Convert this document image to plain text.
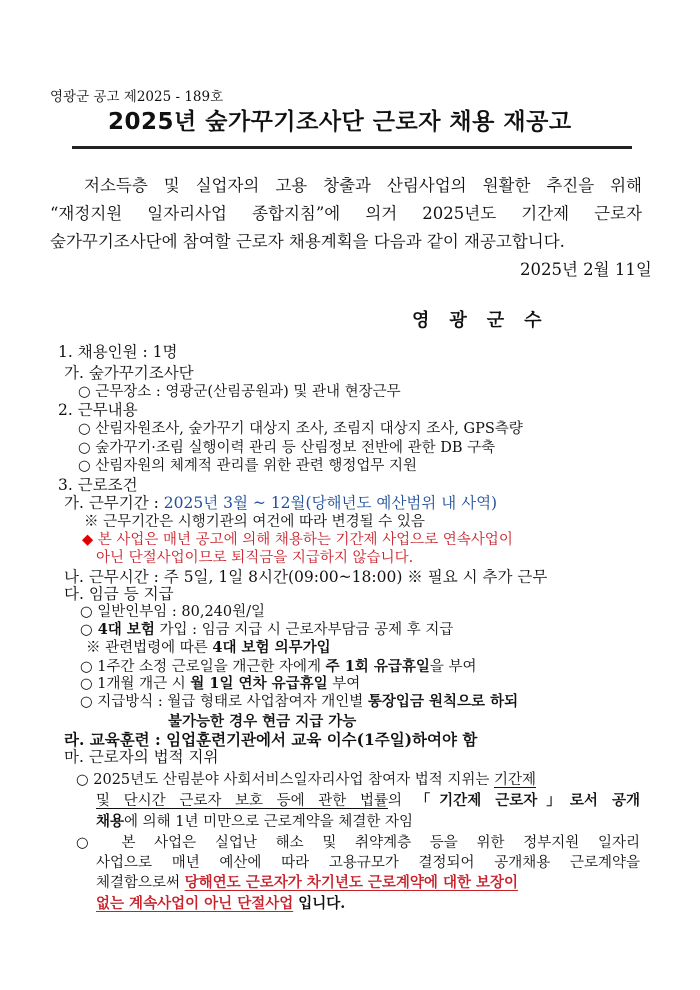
영광군 공고 제2025 - 189호
2025년 숲가꾸기조사단 근로자 채용 재공고
저소득층 및 실업자의 고용 창출과 산림사업의 원활한 추진을 위해
“재정지원 일자리사업 종합지침”에 의거 2025년도 기간제 근로자
숲가꾸기조사단에 참여할 근로자 채용계획을 다음과 같이 재공고합니다.
2025년 2월 11일
영광군수
1. 채용인원 : 1명
가. 숲가꾸기조사단
○ 근무장소 : 영광군(산림공원과) 및 관내 현장근무
2. 근무내용
○ 산림자원조사, 숲가꾸기 대상지 조사, 조림지 대상지 조사, GPS측량
○ 숲가꾸기·조림 실행이력 관리 등 산림정보 전반에 관한 DB 구축
○ 산림자원의 체계적 관리를 위한 관련 행정업무 지원
3. 근로조건
가. 근무기간 : 2025년 3월 ~ 12월(당해년도 예산범위 내 사역)
※ 근무기간은 시행기관의 여건에 따라 변경될 수 있음
◆ 본 사업은 매년 공고에 의해 채용하는 기간제 사업으로 연속사업이
아닌 단절사업이므로 퇴직금을 지급하지 않습니다.
나. 근무시간 : 주 5일, 1일 8시간(09:00~18:00) ※ 필요 시 추가 근무
다. 임금 등 지급
○ 일반인부임 : 80,240원/일
○ 4대 보험 가입 : 임금 지급 시 근로자부담금 공제 후 지급
※ 관련법령에 따른 4대 보험 의무가입
○ 1주간 소정 근로일을 개근한 자에게 주 1회 유급휴일을 부여
○ 1개월 개근 시 월 1일 연차 유급휴일 부여
○ 지급방식 : 월급 형태로 사업참여자 개인별 통장입금 원칙으로 하되
불가능한 경우 현금 지급 가능
라. 교육훈련 : 임업훈련기관에서 교육 이수(1주일)하여야 함
마. 근로자의 법적 지위
○ 2025년도 산림분야 사회서비스일자리사업 참여자 법적 지위는 기간제
및 단시간 근로자 보호 등에 관한 법률의 「기간제 근로자」로서 공개
채용에 의해 1년 미만으로 근로계약을 체결한 자임
○ 본 사업은 실업난 해소 및 취약계층 등을 위한 정부지원 일자리
사업으로 매년 예산에 따라 고용규모가 결정되어 공개채용 근로계약을
체결함으로써 당해연도 근로자가 차기년도 근로계약에 대한 보장이
없는 계속사업이 아닌 단절사업 입니다.
